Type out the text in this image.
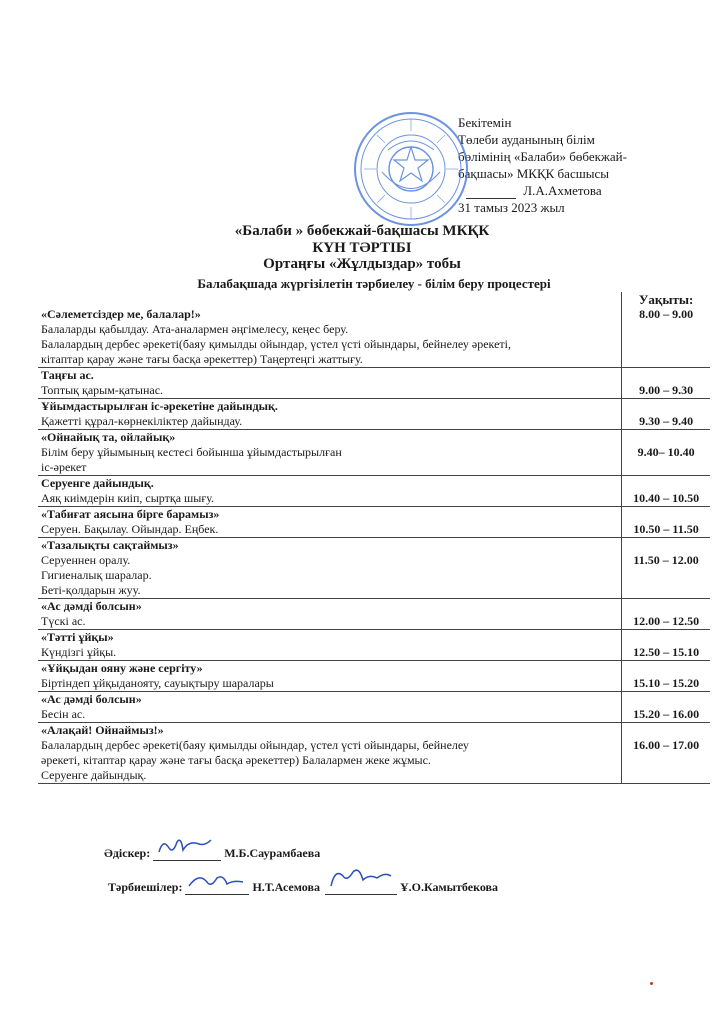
Бекітемін
Төлеби ауданының білім
бөлімінің «Балаби» бөбекжай-
бақшасы» МКҚК басшысы
Л.А.Ахметова
31 тамыз 2023 жыл
«Балаби » бөбекжай-бақшасы МКҚК
КҮН ТӘРТІБІ
Ортаңғы «Жұлдыздар» тобы
Балабақшада жүргізілетін тәрбиелеу - білім беру процестері
	Уақыты:

«Сәлеметсіздер ме, балалар!»
Балаларды қабылдау. Ата-аналармен әңгімелесу, кеңес беру.
Балалардың дербес әрекеті(баяу қимылды ойындар, үстел үсті ойындары, бейнелеу әрекеті,
кітаптар қарау және тағы басқа әрекеттер) Таңертеңгі жаттығу.	8.00 – 9.00

Таңғы ас.
Топтық қарым-қатынас.	9.00 – 9.30

Ұйымдастырылған іс-әрекетіне дайындық.
Қажетті құрал-көрнекіліктер дайындау.	9.30 – 9.40

«Ойнайық та, ойлайық»
Білім беру ұйымының кестесі бойынша ұйымдастырылған
іс-әрекет	9.40– 10.40

Серуенге дайындық.
Аяқ киімдерін киіп, сыртқа шығу.	10.40 – 10.50

«Табиғат аясына бірге барамыз»
Серуен. Бақылау. Ойындар. Еңбек.	10.50 – 11.50

«Тазалықты сақтаймыз»
Серуеннен оралу.
Гигиеналық шаралар.
Беті-қолдарын жуу.	11.50 – 12.00

«Ас дәмді болсын»
Түскі ас.	12.00 – 12.50

«Тәтті ұйқы»
Күндізгі ұйқы.	12.50 – 15.10

«Ұйқыдан ояну және сергіту»
Біртіндеп ұйқыданояту, сауықтыру шаралары	15.10 – 15.20

«Ас дәмді болсын»
Бесін ас.	15.20 – 16.00

«Алақай! Ойнаймыз!»
Балалардың дербес әрекеті(баяу қимылды ойындар, үстел үсті ойындары, бейнелеу
әрекеті, кітаптар қарау және тағы басқа әрекеттер) Балалармен жеке жұмыс.
Серуенге дайындық.	16.00 – 17.00
Әдіскер:	М.Б.Саурамбаева
Тәрбиешілер:	Н.Т.Асемова	Ұ.О.Камытбекова
